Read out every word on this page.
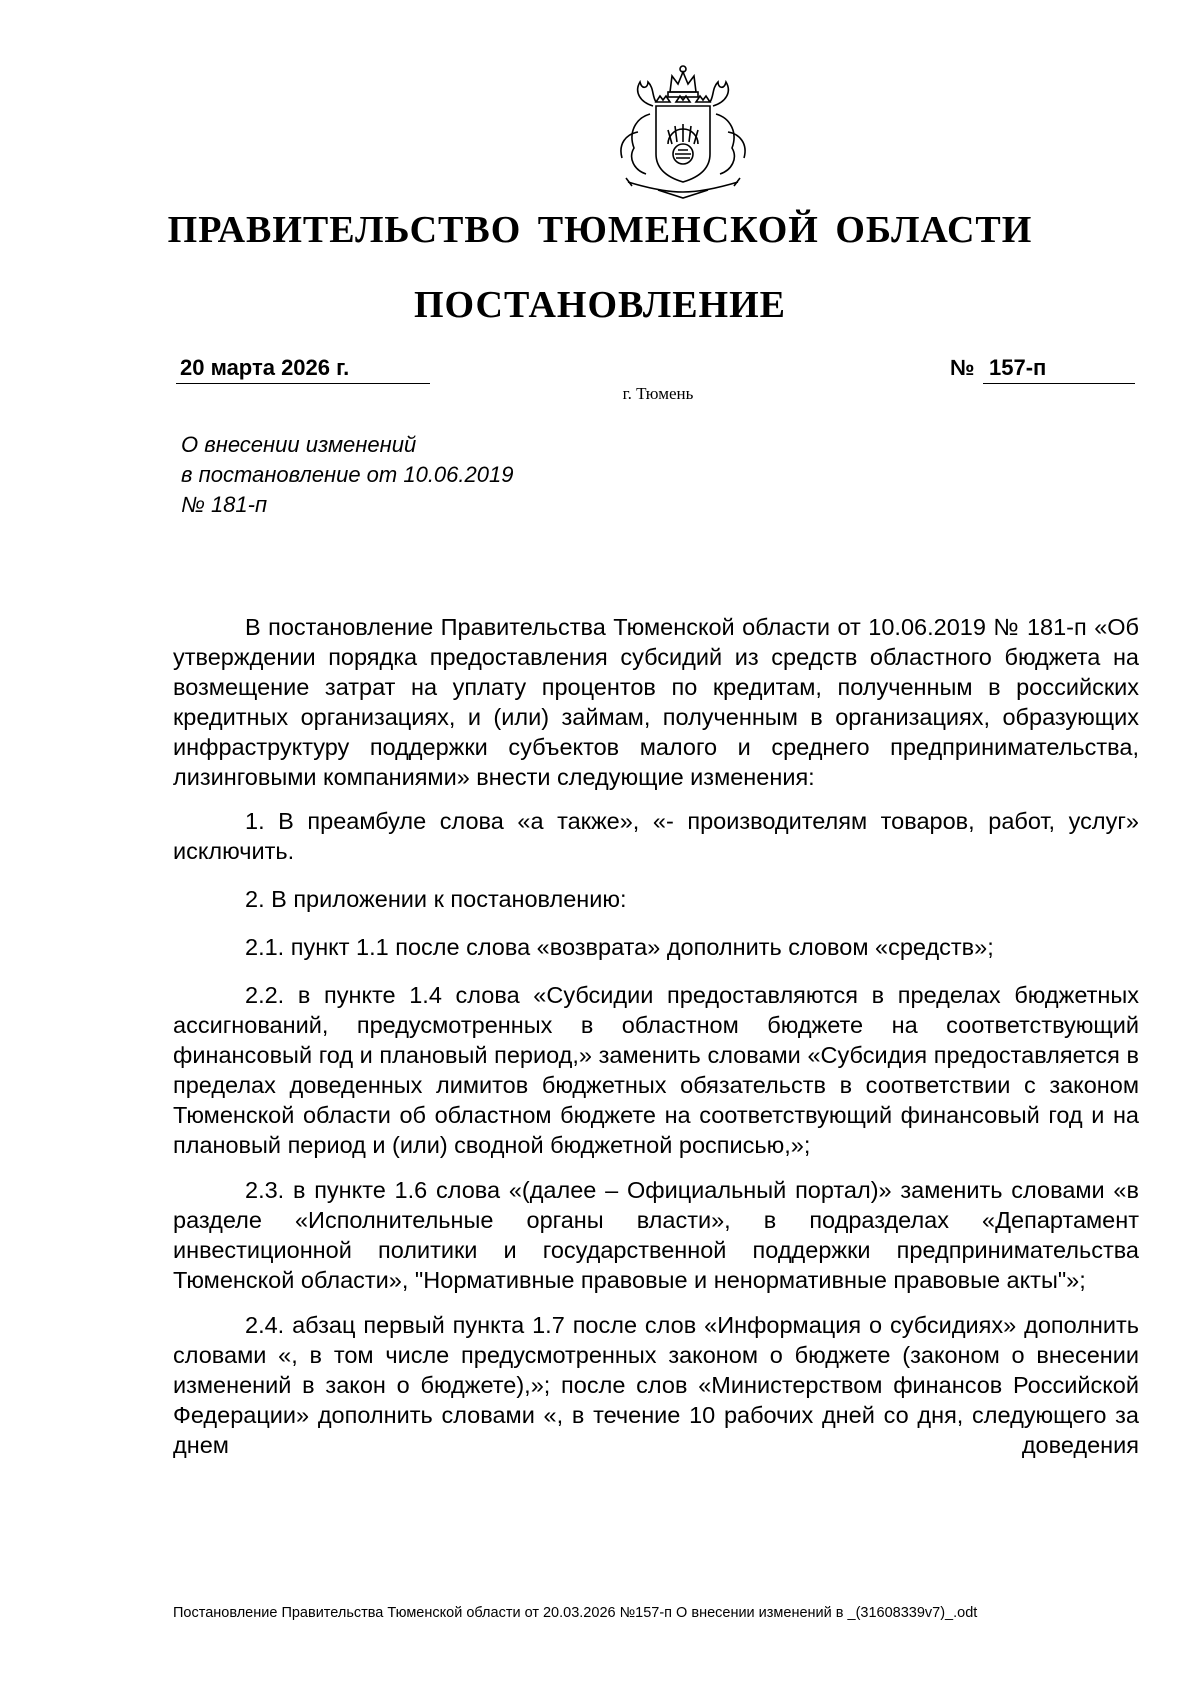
ПРАВИТЕЛЬСТВО ТЮМЕНСКОЙ ОБЛАСТИ
ПОСТАНОВЛЕНИЕ
20 марта 2026 г.	№ 157-п
г. Тюмень
О внесении изменений
в постановление от 10.06.2019
№ 181-п

В постановление Правительства Тюменской области от 10.06.2019 № 181-п «Об утверждении порядка предоставления субсидий из средств областного бюджета на возмещение затрат на уплату процентов по кредитам, полученным в российских кредитных организациях, и (или) займам, полученным в организациях, образующих инфраструктуру поддержки субъектов малого и среднего предпринимательства, лизинговыми компаниями» внести следующие изменения:

1. В преамбуле слова «а также», «- производителям товаров, работ, услуг» исключить.

2. В приложении к постановлению:

2.1. пункт 1.1 после слова «возврата» дополнить словом «средств»;

2.2. в пункте 1.4 слова «Субсидии предоставляются в пределах бюджетных ассигнований, предусмотренных в областном бюджете на соответствующий финансовый год и плановый период,» заменить словами «Субсидия предоставляется в пределах доведенных лимитов бюджетных обязательств в соответствии с законом Тюменской области об областном бюджете на соответствующий финансовый год и на плановый период и (или) сводной бюджетной росписью,»;

2.3. в пункте 1.6 слова «(далее – Официальный портал)» заменить словами «в разделе «Исполнительные органы власти», в подразделах «Департамент инвестиционной политики и государственной поддержки предпринимательства Тюменской области», "Нормативные правовые и ненормативные правовые акты"»;

2.4. абзац первый пункта 1.7 после слов «Информация о субсидиях» дополнить словами «, в том числе предусмотренных законом о бюджете (законом о внесении изменений в закон о бюджете),»; после слов «Министерством финансов Российской Федерации» дополнить словами «, в течение 10 рабочих дней со дня, следующего за днем доведения

Постановление Правительства Тюменской области от 20.03.2026 №157-п О внесении изменений в _(31608339v7)_.odt
